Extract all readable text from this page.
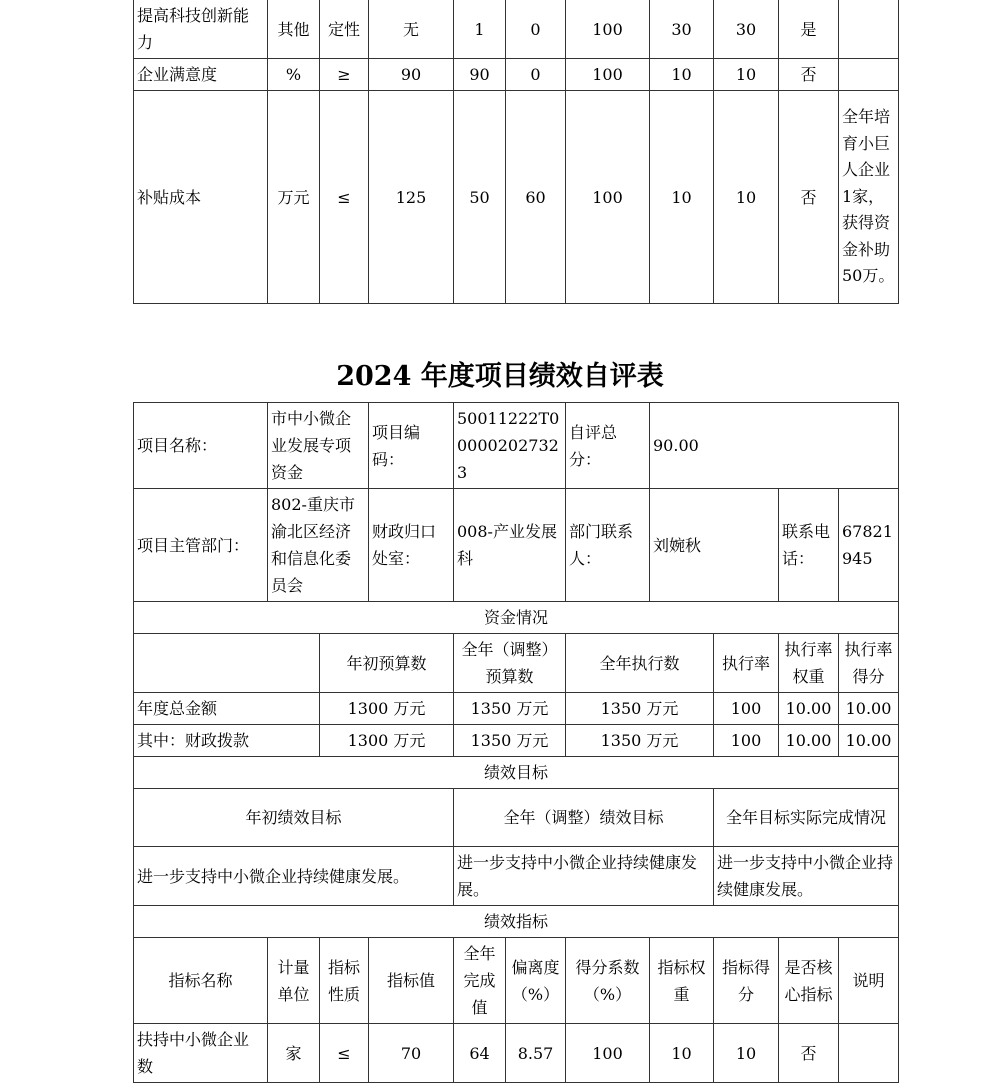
提高科技创新能力	其他	定性	无	1	0	100	30	30	是	
企业满意度	%	≥	90	90	0	100	10	10	否	
补贴成本	万元	≤	125	50	60	100	10	10	否	全年培育小巨人企业1家，获得资金补助50万。
2024 年度项目绩效自评表
项目名称：	市中小微企业发展专项资金		项目编码：	50011222T000002027323		自评总分：	90.00			
项目主管部门：	802-重庆市渝北区经济和信息化委员会		财政归口处室：	008-产业发展科		部门联系人：	刘婉秋		联系电话：	67821945
资金情况										
		年初预算数		全年（调整）预算数		全年执行数		执行率	执行率权重	执行率得分
年度总金额		1300 万元		1350 万元		1350 万元		100	10.00	10.00
其中：财政拨款		1300 万元		1350 万元		1350 万元		100	10.00	10.00
绩效目标										
年初绩效目标				全年（调整）绩效目标				全年目标实际完成情况		
进一步支持中小微企业持续健康发展。				进一步支持中小微企业持续健康发展。				进一步支持中小微企业持续健康发展。		
绩效指标										
指标名称	计量单位	指标性质	指标值	全年完成值	偏离度（%）	得分系数（%）	指标权重	指标得分	是否核心指标	说明
扶持中小微企业数	家	≤	70	64	8.57	100	10	10	否	
